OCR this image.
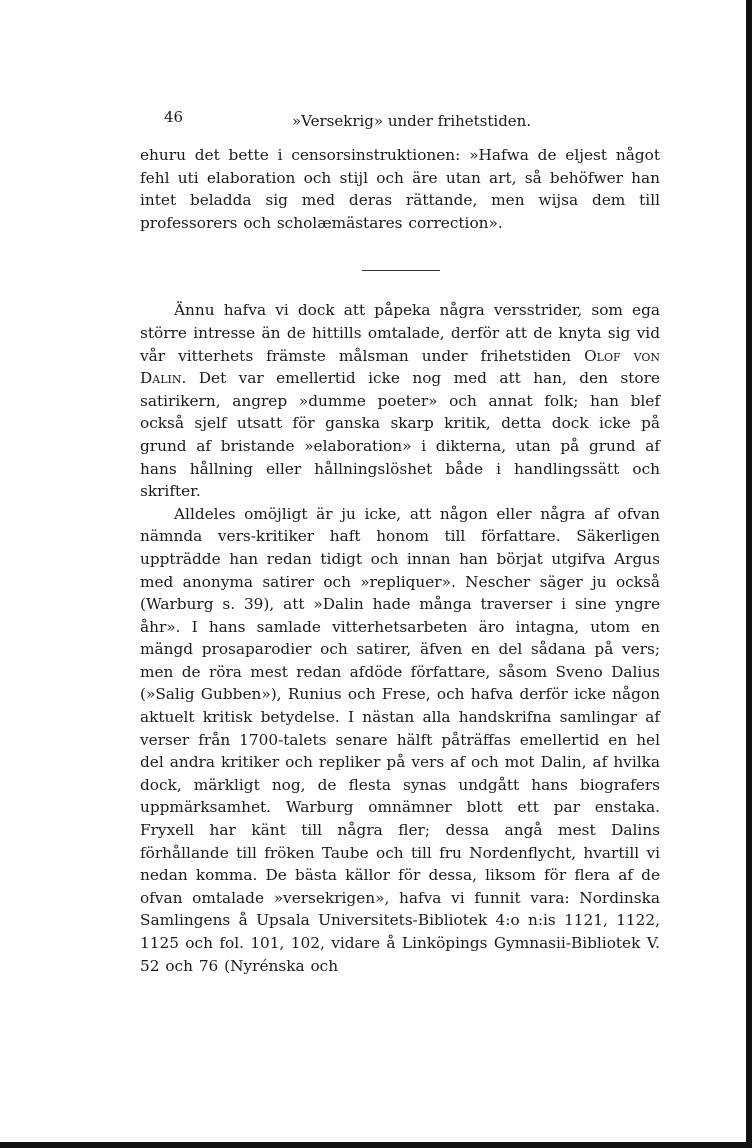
46	»Versekrig» under frihetstiden.

ehuru det bette i censorsinstruktionen: »Hafwa de eljest något fehl uti elaboration och stijl och äre utan art, så behöfwer han intet beladda sig med deras rättande, men wijsa dem till professorers och scholæmästares correction».

Ännu hafva vi dock att påpeka några versstrider, som ega större intresse än de hittills omtalade, derför att de knyta sig vid vår vitterhets främste målsman under frihetstiden Olof von Dalin. Det var emellertid icke nog med att han, den store satirikern, angrep »dumme poeter» och annat folk; han blef också sjelf utsatt för ganska skarp kritik, detta dock icke på grund af bristande »elaboration» i dikterna, utan på grund af hans hållning eller hållningslöshet både i handlingssätt och skrifter.

Alldeles omöjligt är ju icke, att någon eller några af ofvan nämnda vers-kritiker haft honom till författare. Säkerligen uppträdde han redan tidigt och innan han börjat utgifva Argus med anonyma satirer och »repliquer». Nescher säger ju också (Warburg s. 39), att »Dalin hade många traverser i sine yngre åhr». I hans samlade vitterhetsarbeten äro intagna, utom en mängd prosaparodier och satirer, äfven en del sådana på vers; men de röra mest redan afdöde författare, såsom Sveno Dalius (»Salig Gubben»), Runius och Frese, och hafva derför icke någon aktuelt kritisk betydelse. I nästan alla handskrifna samlingar af verser från 1700-talets senare hälft påträffas emellertid en hel del andra kritiker och repliker på vers af och mot Dalin, af hvilka dock, märkligt nog, de flesta synas undgått hans biografers uppmärksamhet. Warburg omnämner blott ett par enstaka. Fryxell har känt till några fler; dessa angå mest Dalins förhållande till fröken Taube och till fru Nordenflycht, hvartill vi nedan komma. De bästa källor för dessa, liksom för flera af de ofvan omtalade »versekrigen», hafva vi funnit vara: Nordinska Samlingens å Upsala Universitets-Bibliotek 4:o n:is 1121, 1122, 1125 och fol. 101, 102, vidare å Linköpings Gymnasii-Bibliotek V. 52 och 76 (Nyrénska och
